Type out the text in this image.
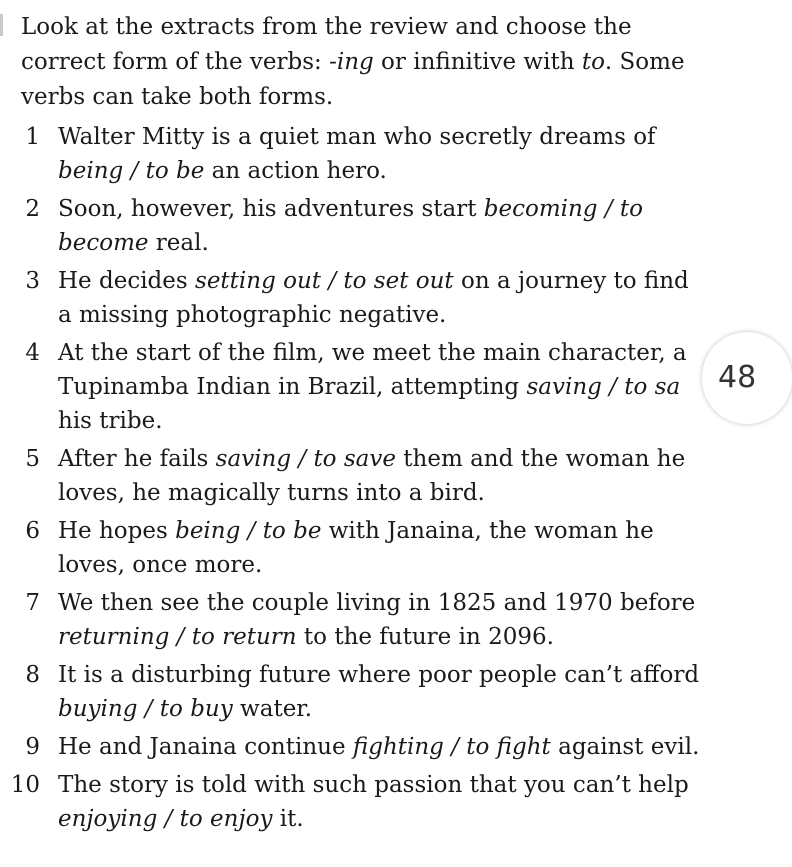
Look at the extracts from the review and choose the correct form of the verbs: -ing or infinitive with to. Some verbs can take both forms.
1 Walter Mitty is a quiet man who secretly dreams of being / to be an action hero.
2 Soon, however, his adventures start becoming / to become real.
3 He decides setting out / to set out on a journey to find a missing photographic negative.
4 At the start of the film, we meet the main character, a Tupinamba Indian in Brazil, attempting saving / to sa his tribe.
5 After he fails saving / to save them and the woman he loves, he magically turns into a bird.
6 He hopes being / to be with Janaina, the woman he loves, once more.
7 We then see the couple living in 1825 and 1970 before returning / to return to the future in 2096.
8 It is a disturbing future where poor people can’t afford buying / to buy water.
9 He and Janaina continue fighting / to fight against evil.
10 The story is told with such passion that you can’t help enjoying / to enjoy it.
48
